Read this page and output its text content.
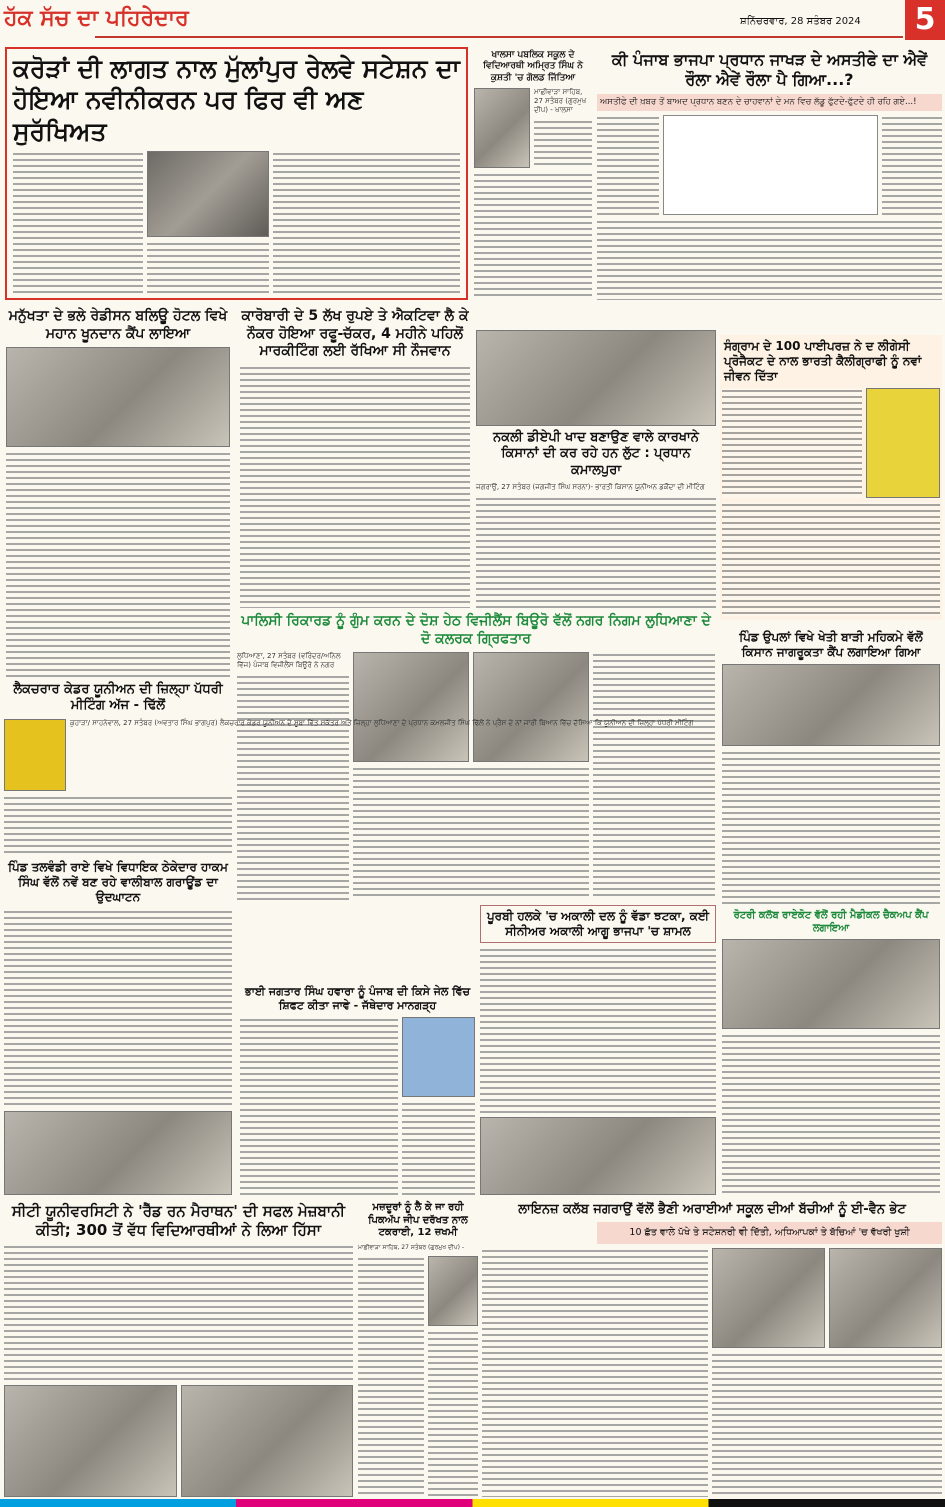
ਹੱਕ ਸੱਚ ਦਾ ਪਹਿਰੇਦਾਰ	ਸ਼ਨਿੱਚਰਵਾਰ, 28 ਸਤੰਬਰ 2024	5
ਕਰੋੜਾਂ ਦੀ ਲਾਗਤ ਨਾਲ ਮੁੱਲਾਂਪੁਰ ਰੇਲਵੇ ਸਟੇਸ਼ਨ ਦਾ ਹੋਇਆ ਨਵੀਨੀਕਰਨ ਪਰ ਫਿਰ ਵੀ ਅਣ ਸੁਰੱਖਿਅਤ
ਖਾਲਸਾ ਪਬਲਿਕ ਸਕੂਲ ਦੇ ਵਿਦਿਆਰਥੀ ਅਮ੍ਰਿਤ ਸਿੰਘ ਨੇ ਕੁਸ਼ਤੀ 'ਚ ਗੋਲਡ ਜਿੱਤਿਆ
ਮਾਛੀਵਾੜਾ ਸਾਹਿਬ, 27 ਸਤੰਬਰ (ਗੁਰਮੁਖ ਦੀਪ) - ਖਾਲਸਾ
ਕੀ ਪੰਜਾਬ ਭਾਜਪਾ ਪ੍ਰਧਾਨ ਜਾਖੜ ਦੇ ਅਸਤੀਫੇ ਦਾ ਐਵੇਂ ਰੌਲਾ ਐਵੇਂ ਰੌਲਾ ਪੈ ਗਿਆ...?
ਅਸਤੀਫੇ ਦੀ ਖ਼ਬਰ ਤੋਂ ਬਾਅਦ ਪ੍ਰਧਾਨ ਬਣਨ ਦੇ ਚਾਹਵਾਨਾਂ ਦੇ ਮਨ ਵਿਚ ਲੱਡੂ ਫੁੱਟਦੇ-ਫੁੱਟਦੇ ਹੀ ਰਹਿ ਗਏ...!
ਮਨੁੱਖਤਾ ਦੇ ਭਲੇ ਰੇਡੀਸਨ ਬਲਿਊ ਹੋਟਲ ਵਿਖੇ ਮਹਾਨ ਖੂਨਦਾਨ ਕੈਂਪ ਲਾਇਆ
ਕਾਰੋਬਾਰੀ ਦੇ 5 ਲੱਖ ਰੁਪਏ ਤੇ ਐਕਟਿਵਾ ਲੈ ਕੇ ਨੌਕਰ ਹੋਇਆ ਰਫੂ-ਚੱਕਰ, 4 ਮਹੀਨੇ ਪਹਿਲੋਂ ਮਾਰਕੀਟਿੰਗ ਲਈ ਰੱਖਿਆ ਸੀ ਨੌਜਵਾਨ
ਨਕਲੀ ਡੀਏਪੀ ਖਾਦ ਬਣਾਉਣ ਵਾਲੇ ਕਾਰਖਾਨੇ ਕਿਸਾਨਾਂ ਦੀ ਕਰ ਰਹੇ ਹਨ ਲੁੱਟ : ਪ੍ਰਧਾਨ ਕਮਾਲਪੁਰਾ
ਜਗਰਾਉਂ, 27 ਸਤੰਬਰ (ਜਗਜੀਤ ਸਿੰਘ ਸਰਨਾ)- ਭਾਰਤੀ ਕਿਸਾਨ ਯੂਨੀਅਨ ਡਕੌਂਦਾ ਦੀ ਮੀਟਿੰਗ
ਸੰਗ੍ਰਾਮ ਦੇ 100 ਪਾਈਪਰਜ਼ ਨੇ ਦ ਲੀਗੇਸੀ ਪ੍ਰੋਜੈਕਟ ਦੇ ਨਾਲ ਭਾਰਤੀ ਕੈਲੀਗ੍ਰਾਫੀ ਨੂੰ ਨਵਾਂ ਜੀਵਨ ਦਿੱਤਾ
ਪਾਲਿਸੀ ਰਿਕਾਰਡ ਨੂੰ ਗੁੰਮ ਕਰਨ ਦੇ ਦੋਸ਼ ਹੇਠ ਵਿਜੀਲੈਂਸ ਬਿਊਰੋ ਵੱਲੋਂ ਨਗਰ ਨਿਗਮ ਲੁਧਿਆਣਾ ਦੇ ਦੋ ਕਲਰਕ ਗ੍ਰਿਫਤਾਰ
ਲੁਧਿਆਣਾ, 27 ਸਤੰਬਰ (ਵਰਿੰਦਰ/ਅਨਿਲ ਵਿੱਜ) ਪੰਜਾਬ ਵਿਜੀਲੈਂਸ ਬਿਊਰੋ ਨੇ ਨਗਰ
ਪਿੰਡ ਉਪਲਾਂ ਵਿਖੇ ਖੇਤੀ ਬਾੜੀ ਮਹਿਕਮੇ ਵੱਲੋਂ ਕਿਸਾਨ ਜਾਗਰੂਕਤਾ ਕੈਂਪ ਲਗਾਇਆ ਗਿਆ
ਲੈਕਚਰਾਰ ਕੇਡਰ ਯੂਨੀਅਨ ਦੀ ਜ਼ਿਲ੍ਹਾ ਪੱਧਰੀ ਮੀਟਿੰਗ ਅੱਜ - ਢਿੱਲੋਂ
ਕੁਹਾੜਾ/ ਸਾਹਨੇਵਾਲ, 27 ਸਤੰਬਰ (ਅਵਤਾਰ ਸਿੰਘ ਭਾਗਪੁਰ) ਲੈਕਚਰਾਰ ਕੇਡਰ ਯੂਨੀਅਨ ਦੇ ਸੂਬਾ ਵਿੱਤ ਸਕੱਤਰ ਅਤੇ ਜ਼ਿਲ੍ਹਾ ਲੁਧਿਆਣਾ ਦੇ ਪ੍ਰਧਾਨ ਕਮਲਜੀਤ ਸਿੰਘ ਢਿੱਲੋਂ ਨੇ ਪ੍ਰੈਸ ਦੇ ਨਾਂ ਜਾਰੀ ਬਿਆਨ ਵਿੱਚ ਦੱਸਿਆ ਕਿ ਯੂਨੀਅਨ ਦੀ ਜ਼ਿਲ੍ਹਾ ਪੱਧਰੀ ਮੀਟਿੰਗ
ਪਿੰਡ ਤਲਵੰਡੀ ਰਾਏ ਵਿਖੇ ਵਿਧਾਇਕ ਠੇਕੇਦਾਰ ਹਾਕਮ ਸਿੰਘ ਵੱਲੋਂ ਨਵੇਂ ਬਣ ਰਹੇ ਵਾਲੀਬਾਲ ਗਰਾਊਂਡ ਦਾ ਉਦਘਾਟਨ
ਭਾਈ ਜਗਤਾਰ ਸਿੰਘ ਹਵਾਰਾ ਨੂੰ ਪੰਜਾਬ ਦੀ ਕਿਸੇ ਜੇਲ ਵਿੱਚ ਸ਼ਿਫਟ ਕੀਤਾ ਜਾਵੇ - ਜੱਥੇਦਾਰ ਮਾਨਗੜ੍ਹ
ਪੂਰਬੀ ਹਲਕੇ 'ਚ ਅਕਾਲੀ ਦਲ ਨੂੰ ਵੱਡਾ ਝਟਕਾ, ਕਈ ਸੀਨੀਅਰ ਅਕਾਲੀ ਆਗੂ ਭਾਜਪਾ 'ਚ ਸ਼ਾਮਲ
ਰੋਟਰੀ ਕਲੱਬ ਰਾਏਕੋਟ ਵੱਲੋਂ ਰਹੀ ਮੈਡੀਕਲ ਚੈਕਅਪ ਕੈਂਪ ਲਗਾਇਆ
ਸੀਟੀ ਯੂਨੀਵਰਸਿਟੀ ਨੇ 'ਰੈੱਡ ਰਨ ਮੈਰਾਥਨ' ਦੀ ਸਫਲ ਮੇਜ਼ਬਾਨੀ ਕੀਤੀ; 300 ਤੋਂ ਵੱਧ ਵਿਦਿਆਰਥੀਆਂ ਨੇ ਲਿਆ ਹਿੱਸਾ
ਮਜ਼ਦੂਰਾਂ ਨੂੰ ਲੈ ਕੇ ਜਾ ਰਹੀ ਪਿਕਅੱਪ ਜੀਪ ਦਰੱਖਤ ਨਾਲ ਟਕਰਾਈ, 12 ਜ਼ਖਮੀ
ਮਾਛੀਵਾੜਾ ਸਾਹਿਬ, 27 ਸਤੰਬਰ (ਗੁਰਮੁਖ ਦੀਪ) -
ਲਾਇਨਜ਼ ਕਲੱਬ ਜਗਰਾਉਂ ਵੱਲੋਂ ਭੈਣੀ ਅਰਾਈਆਂ ਸਕੂਲ ਦੀਆਂ ਬੱਚੀਆਂ ਨੂੰ ਈ-ਵੈਨ ਭੇਟ
10 ਛੱਤ ਵਾਲੇ ਪੱਖੇ ਤੇ ਸਟੇਸ਼ਨਰੀ ਵੀ ਦਿੱਤੀ, ਅਧਿਆਪਕਾਂ ਤੇ ਬੱਚਿਆਂ 'ਚ ਵੱਖਰੀ ਖੁਸ਼ੀ
